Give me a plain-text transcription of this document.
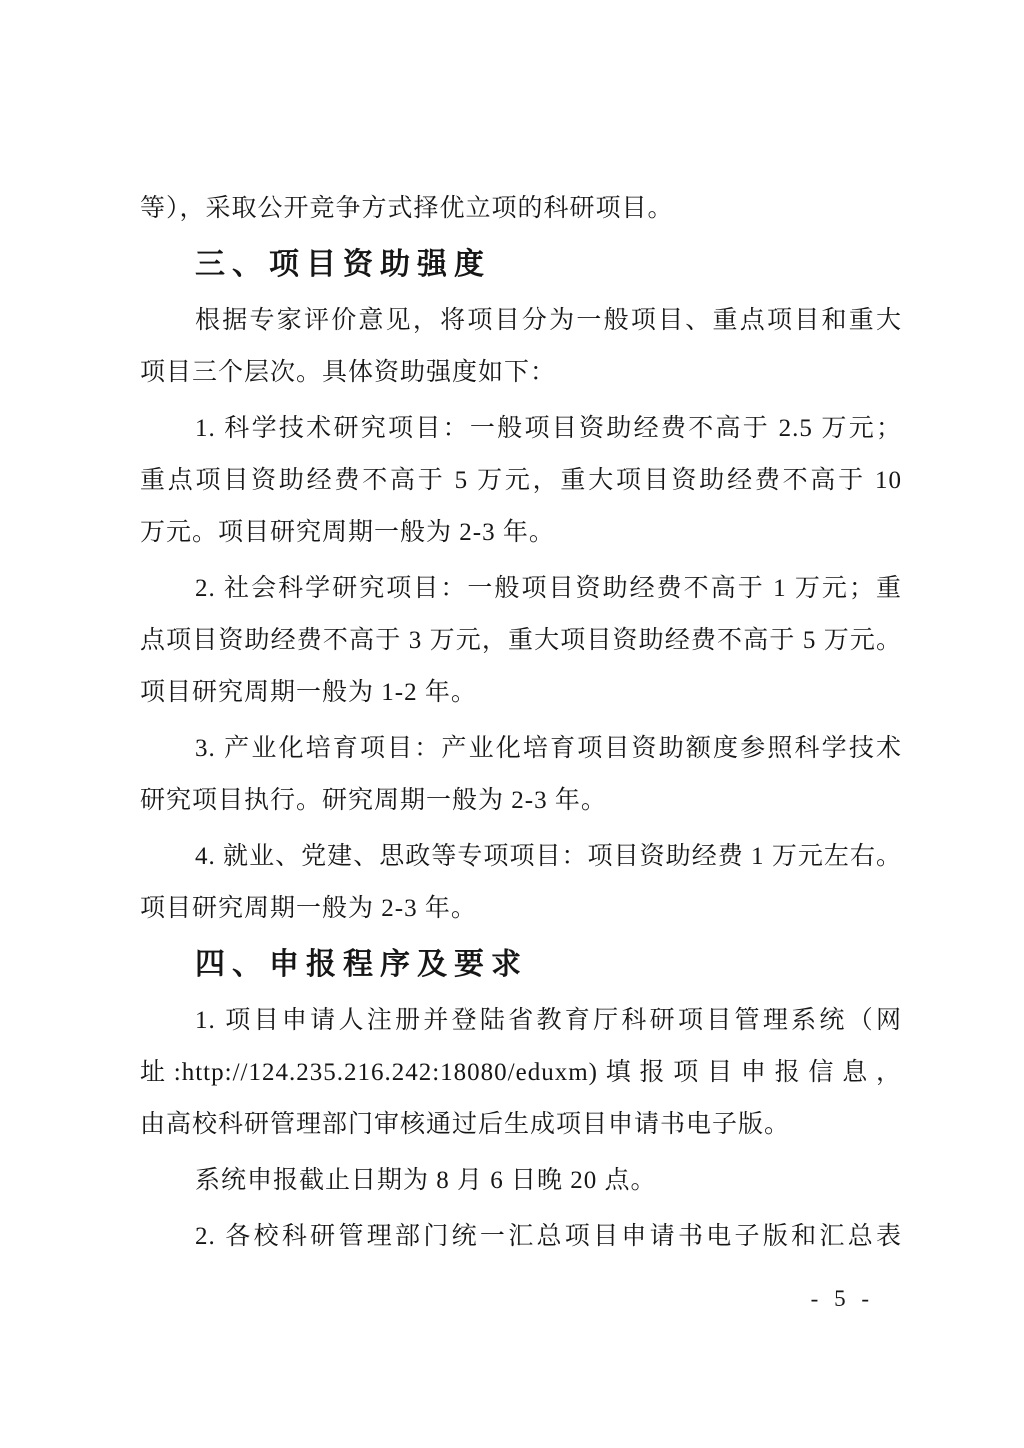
等），采取公开竞争方式择优立项的科研项目。
三、项目资助强度
根据专家评价意见，将项目分为一般项目、重点项目和重大
项目三个层次。具体资助强度如下：
1. 科学技术研究项目：一般项目资助经费不高于 2.5 万元；
重点项目资助经费不高于 5 万元，重大项目资助经费不高于 10
万元。项目研究周期一般为 2-3 年。
2. 社会科学研究项目：一般项目资助经费不高于 1 万元；重
点项目资助经费不高于 3 万元，重大项目资助经费不高于 5 万元。
项目研究周期一般为 1-2 年。
3. 产业化培育项目：产业化培育项目资助额度参照科学技术
研究项目执行。研究周期一般为 2-3 年。
4. 就业、党建、思政等专项项目：项目资助经费 1 万元左右。
项目研究周期一般为 2-3 年。
四、申报程序及要求
1. 项目申请人注册并登陆省教育厅科研项目管理系统（网
址:http://124.235.216.242:18080/eduxm)填报项目申报信息，
由高校科研管理部门审核通过后生成项目申请书电子版。
系统申报截止日期为 8 月 6 日晚 20 点。
2. 各校科研管理部门统一汇总项目申请书电子版和汇总表
- 5 -
